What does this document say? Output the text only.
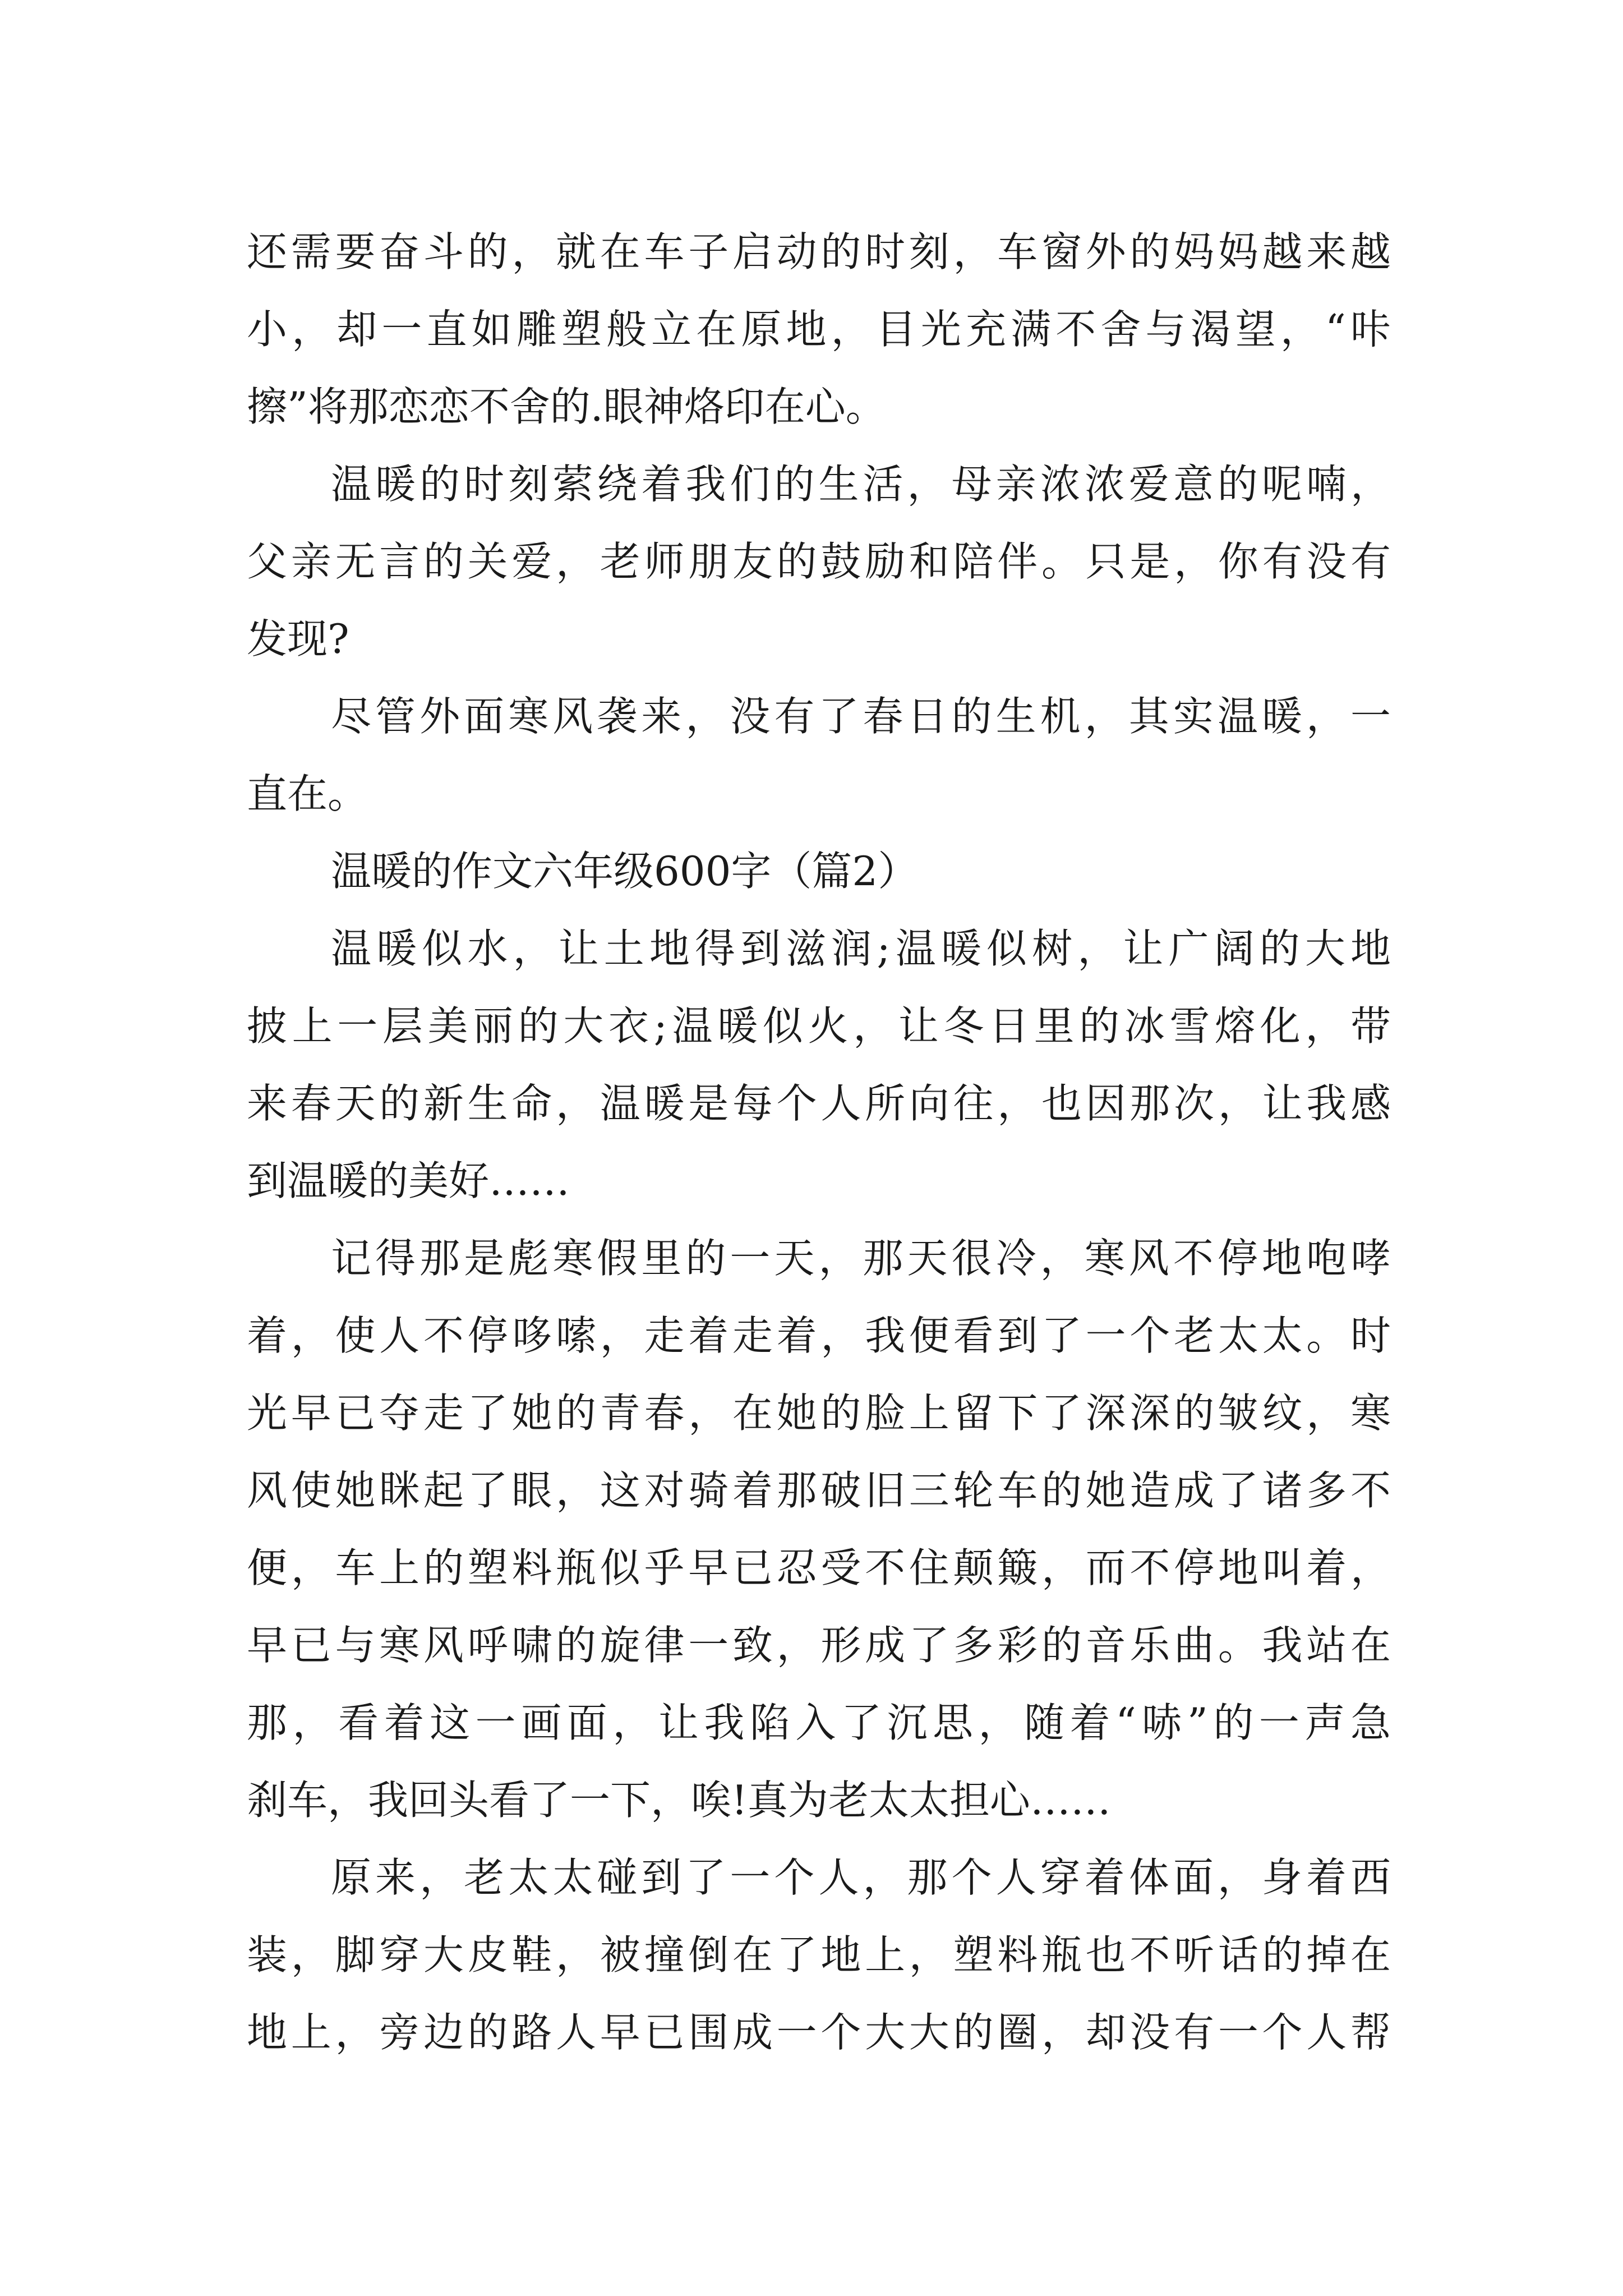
还需要奋斗的，就在车子启动的时刻，车窗外的妈妈越来越
小，却一直如雕塑般立在原地，目光充满不舍与渴望，“咔
擦”将那恋恋不舍的.眼神烙印在心。
温暖的时刻萦绕着我们的生活，母亲浓浓爱意的呢喃，
父亲无言的关爱，老师朋友的鼓励和陪伴。只是，你有没有
发现?
尽管外面寒风袭来，没有了春日的生机，其实温暖，一
直在。
温暖的作文六年级600字（篇2）
温暖似水，让土地得到滋润;温暖似树，让广阔的大地
披上一层美丽的大衣;温暖似火，让冬日里的冰雪熔化，带
来春天的新生命，温暖是每个人所向往，也因那次，让我感
到温暖的美好……
记得那是彪寒假里的一天，那天很冷，寒风不停地咆哮
着，使人不停哆嗦，走着走着，我便看到了一个老太太。时
光早已夺走了她的青春，在她的脸上留下了深深的皱纹，寒
风使她眯起了眼，这对骑着那破旧三轮车的她造成了诸多不
便，车上的塑料瓶似乎早已忍受不住颠簸，而不停地叫着，
早已与寒风呼啸的旋律一致，形成了多彩的音乐曲。我站在
那，看着这一画面，让我陷入了沉思，随着“哧”的一声急
刹车，我回头看了一下，唉!真为老太太担心……
原来，老太太碰到了一个人，那个人穿着体面，身着西
装，脚穿大皮鞋，被撞倒在了地上，塑料瓶也不听话的掉在
地上，旁边的路人早已围成一个大大的圈，却没有一个人帮
